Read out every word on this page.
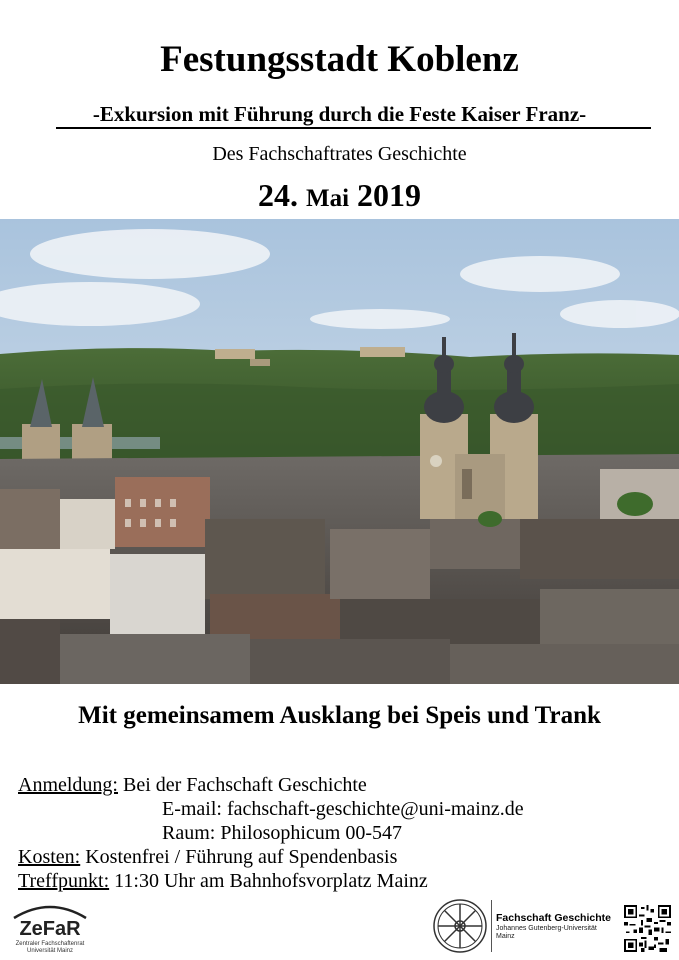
Festungsstadt Koblenz
-Exkursion mit Führung durch die Feste Kaiser Franz-
Des Fachschaftrates Geschichte
24. Mai 2019
Mit gemeinsamem Ausklang bei Speis und Trank
Anmeldung: Bei der Fachschaft Geschichte
E-mail: fachschaft-geschichte@uni-mainz.de
Raum: Philosophicum 00-547
Kosten: Kostenfrei / Führung auf Spendenbasis
Treffpunkt: 11:30 Uhr am Bahnhofsvorplatz Mainz
ZeFaR
Zentraler Fachschaftenrat
Universität Mainz
Fachschaft Geschichte
Johannes Gutenberg-Universität
Mainz
